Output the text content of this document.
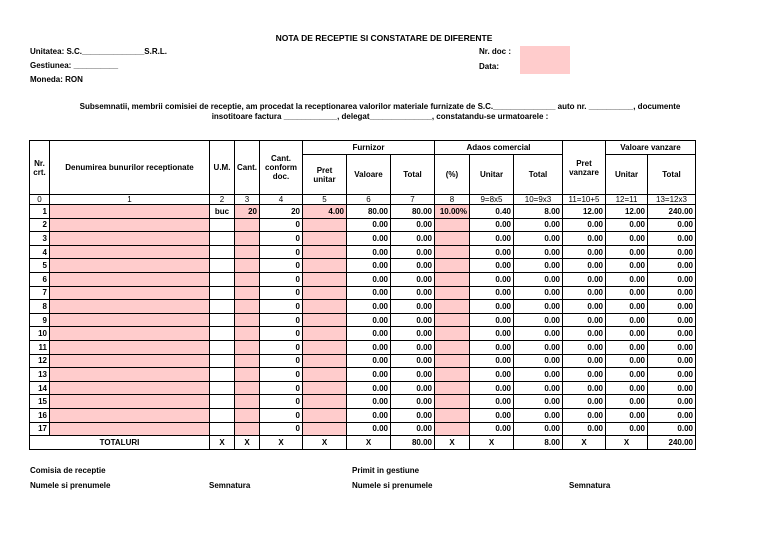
NOTA DE RECEPTIE SI CONSTATARE DE DIFERENTE
Unitatea: S.C.______________S.R.L.
Gestiunea: __________
Moneda: RON
Nr. doc :
Data:
Subsemnatii, membrii comisiei de receptie, am procedat la receptionarea valorilor materiale furnizate de S.C.______________ auto nr. __________, documente
insotitoare factura ____________, delegat______________, constatandu-se urmatoarele :
Nr. crt.	Denumirea bunurilor receptionate	U.M.	Cant.	Cant. conform doc.	Furnizor			Adaos comercial			Pret vanzare	Valoare vanzare	
					Pret unitar	Valoare	Total	(%)	Unitar	Total		Unitar	Total
0	1	2	3	4	5	6	7	8	9=8x5	10=9x3	11=10+5	12=11	13=12x3
1		buc	20	20	4.00	80.00	80.00	10.00%	0.40	8.00	12.00	12.00	240.00
2				0		0.00	0.00		0.00	0.00	0.00	0.00	0.00
3				0		0.00	0.00		0.00	0.00	0.00	0.00	0.00
4				0		0.00	0.00		0.00	0.00	0.00	0.00	0.00
5				0		0.00	0.00		0.00	0.00	0.00	0.00	0.00
6				0		0.00	0.00		0.00	0.00	0.00	0.00	0.00
7				0		0.00	0.00		0.00	0.00	0.00	0.00	0.00
8				0		0.00	0.00		0.00	0.00	0.00	0.00	0.00
9				0		0.00	0.00		0.00	0.00	0.00	0.00	0.00
10				0		0.00	0.00		0.00	0.00	0.00	0.00	0.00
11				0		0.00	0.00		0.00	0.00	0.00	0.00	0.00
12				0		0.00	0.00		0.00	0.00	0.00	0.00	0.00
13				0		0.00	0.00		0.00	0.00	0.00	0.00	0.00
14				0		0.00	0.00		0.00	0.00	0.00	0.00	0.00
15				0		0.00	0.00		0.00	0.00	0.00	0.00	0.00
16				0		0.00	0.00		0.00	0.00	0.00	0.00	0.00
17				0		0.00	0.00		0.00	0.00	0.00	0.00	0.00
TOTALURI		X	X	X	X	X	80.00	X	X	8.00	X	X	240.00
Comisia de receptie
Numele si prenumele	Semnatura
Primit in gestiune
Numele si prenumele	Semnatura
